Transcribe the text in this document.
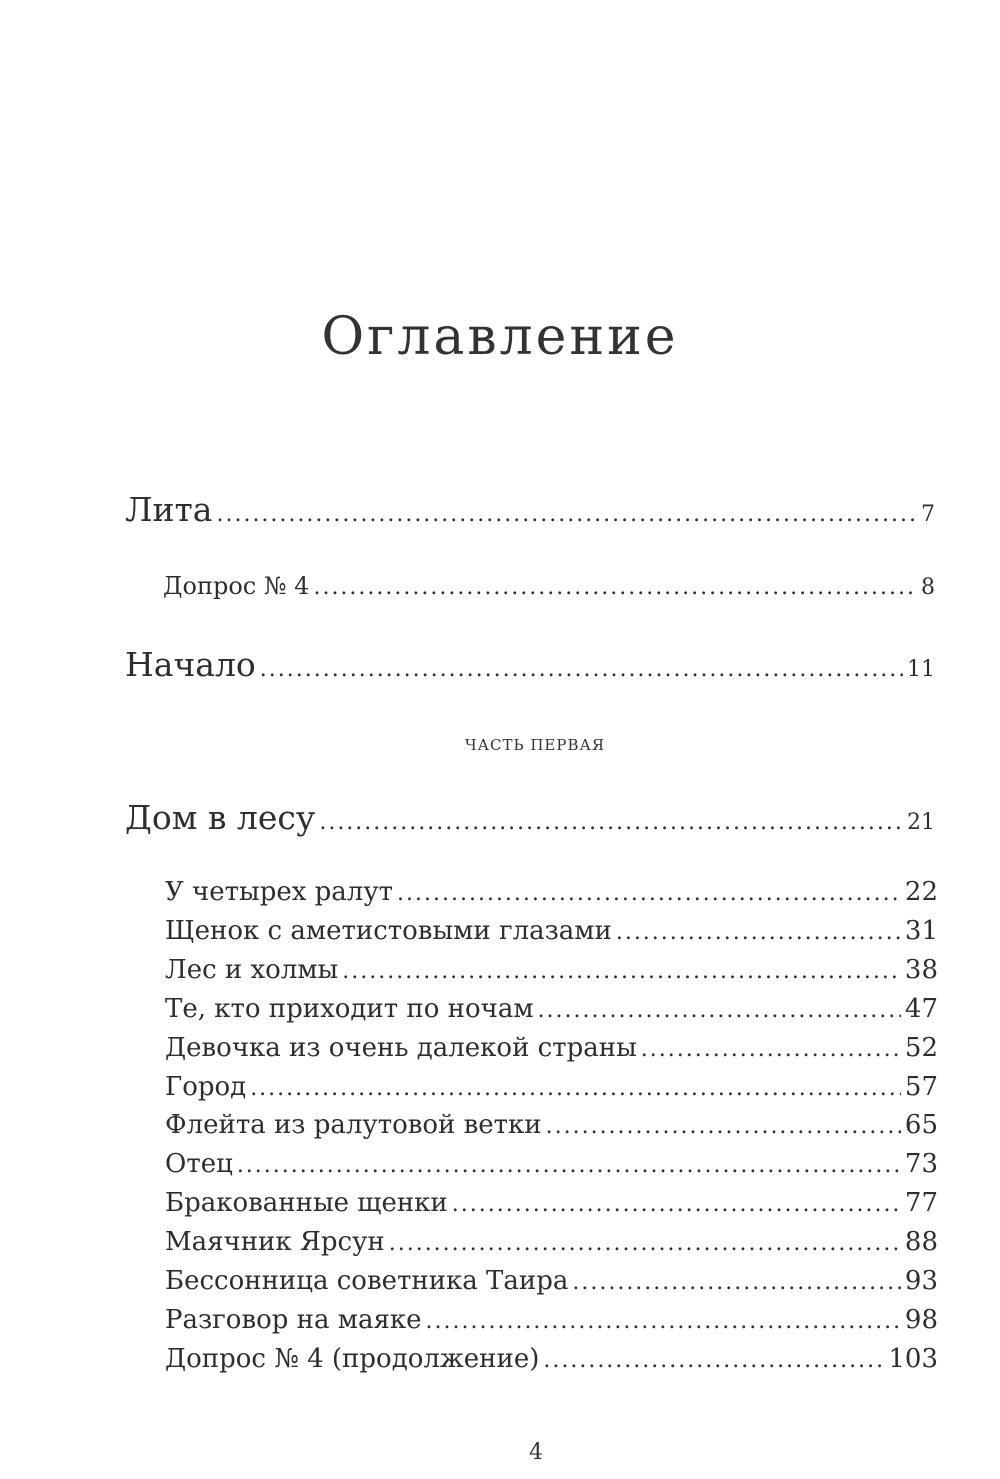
Оглавление
Лита .....	7
Допрос № 4 .....	8
Начало .....	11
ЧАСТЬ ПЕРВАЯ
Дом в лесу .....	21
У четырех ралут .....	22
Щенок с аметистовыми глазами .....	31
Лес и холмы .....	38
Те, кто приходит по ночам .....	47
Девочка из очень далекой страны .....	52
Город .....	57
Флейта из ралутовой ветки .....	65
Отец .....	73
Бракованные щенки .....	77
Маячник Ярсун .....	88
Бессонница советника Таира .....	93
Разговор на маяке .....	98
Допрос № 4 (продолжение) .....	103
4
